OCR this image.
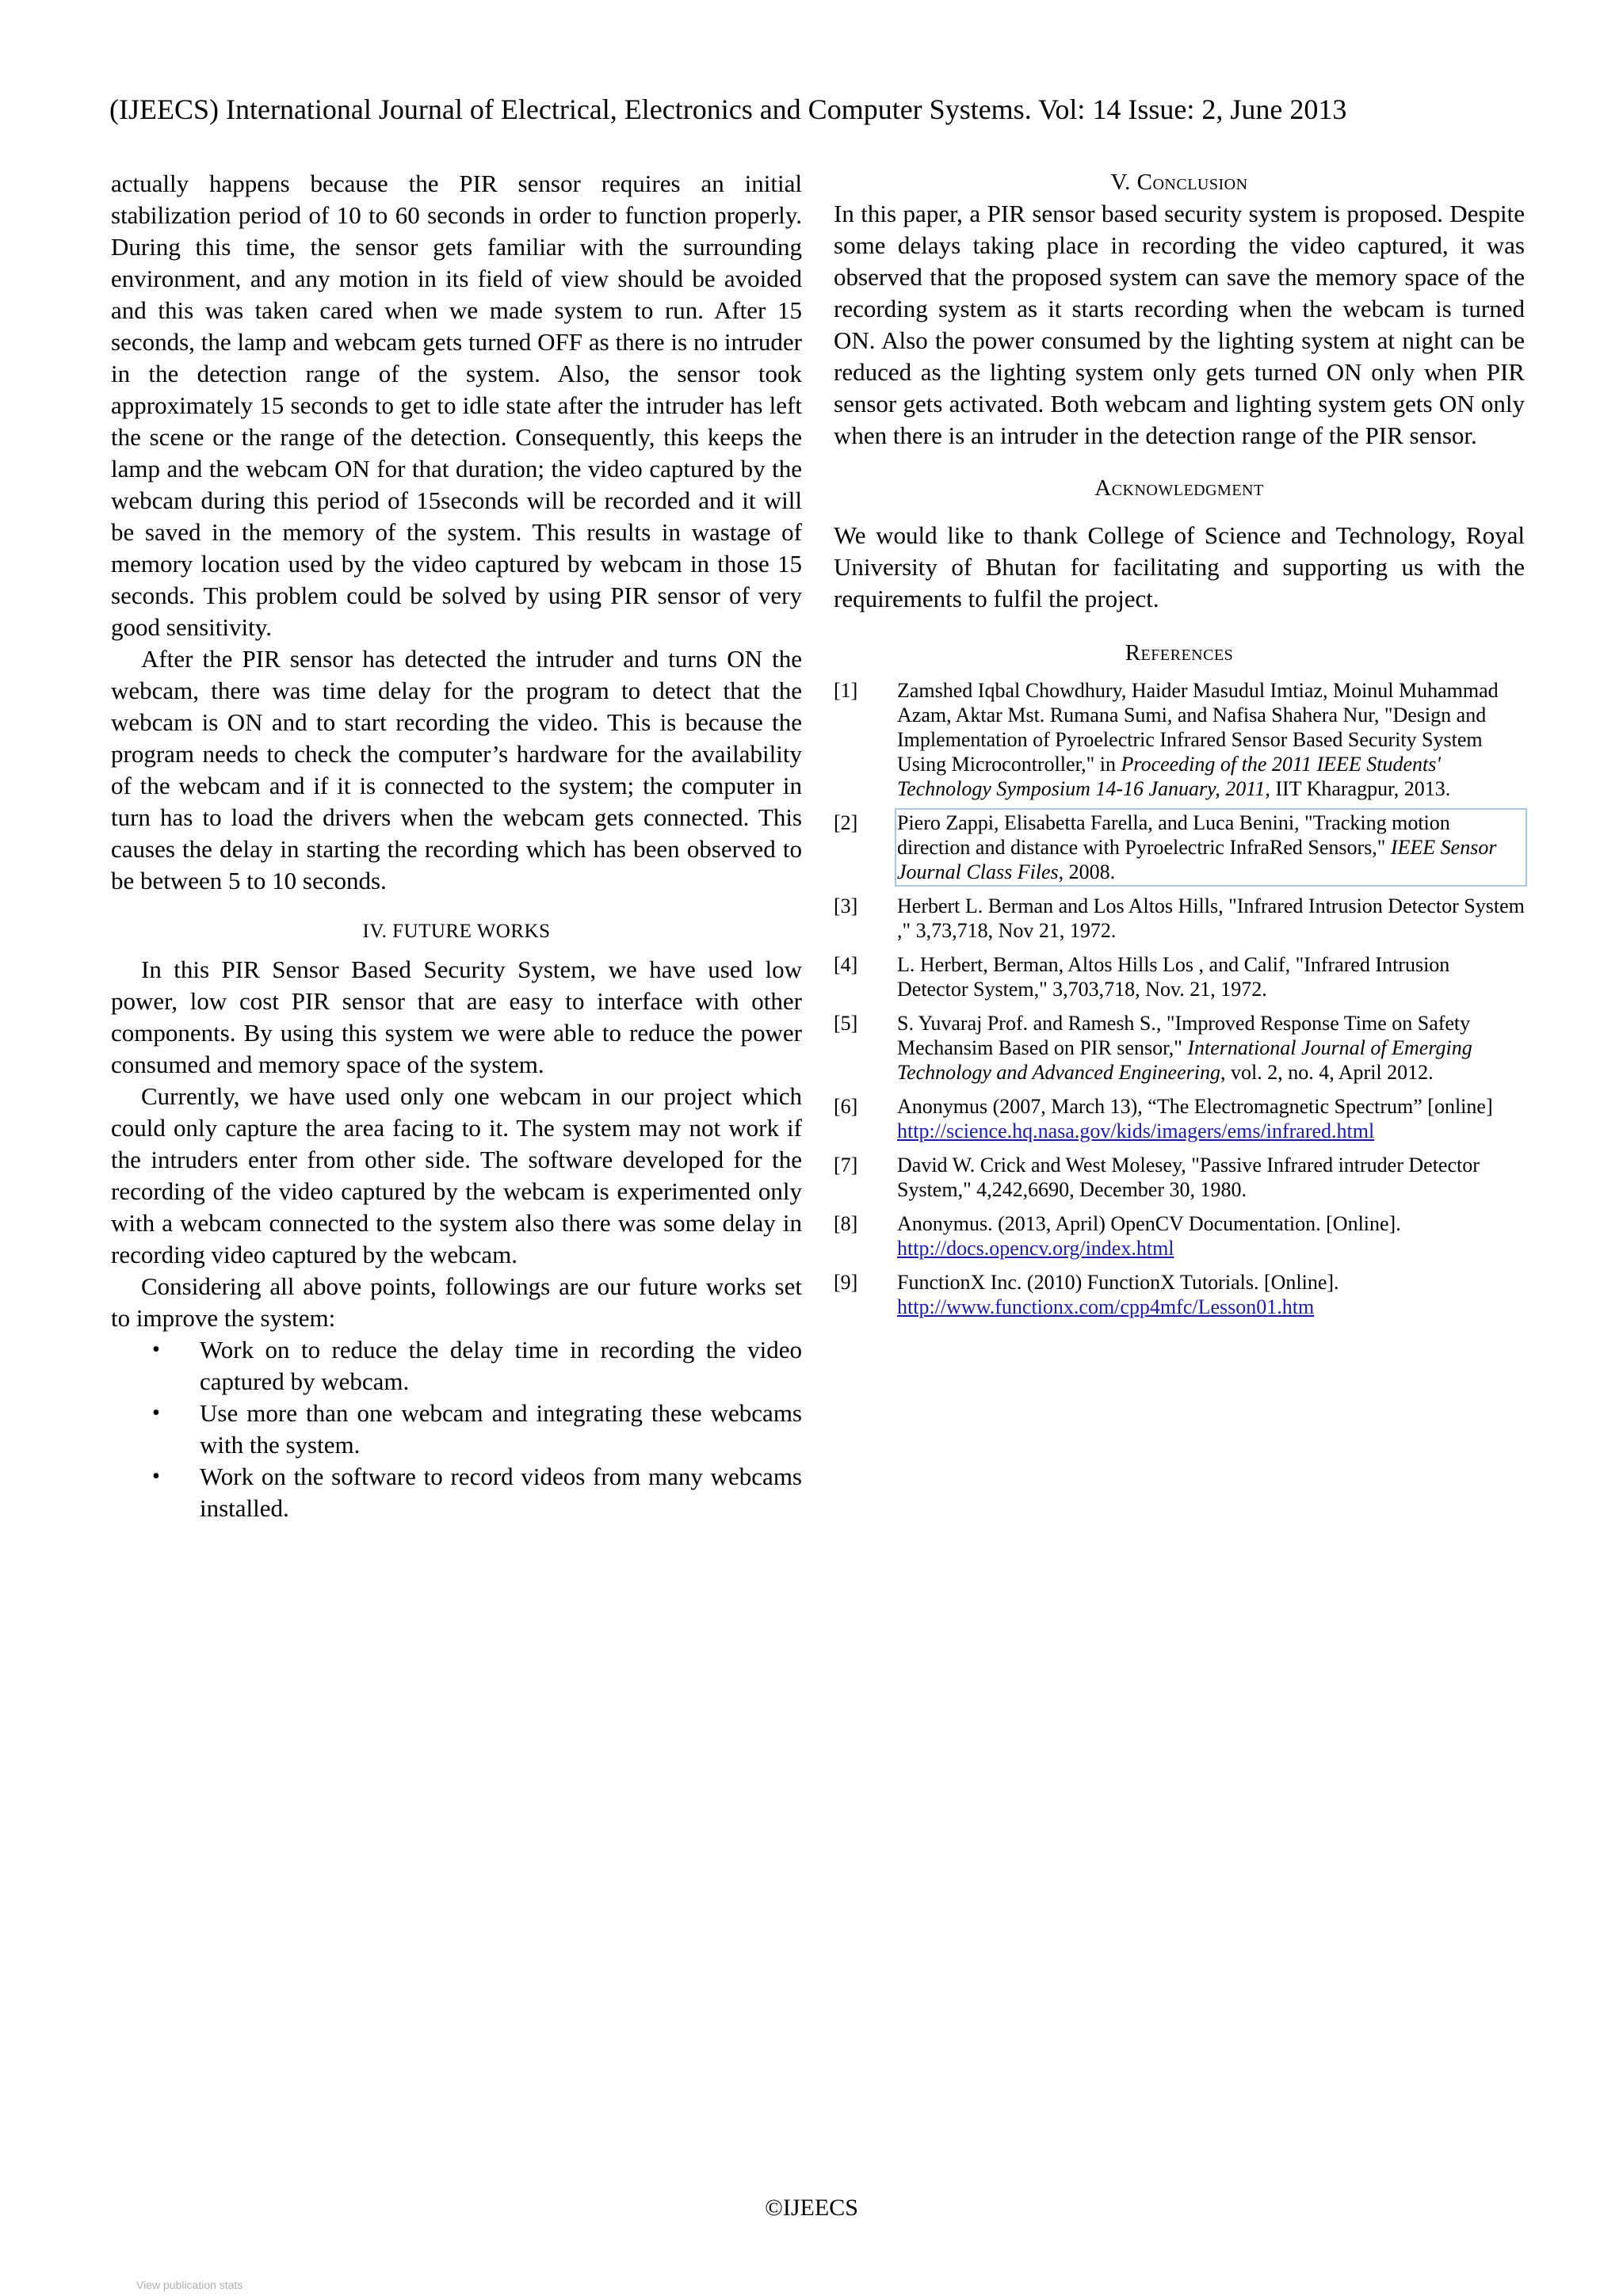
(IJEECS) International Journal of Electrical, Electronics and Computer Systems. Vol: 14 Issue: 2, June 2013

actually happens because the PIR sensor requires an initial stabilization period of 10 to 60 seconds in order to function properly. During this time, the sensor gets familiar with the surrounding environment, and any motion in its field of view should be avoided and this was taken cared when we made system to run. After 15 seconds, the lamp and webcam gets turned OFF as there is no intruder in the detection range of the system. Also, the sensor took approximately 15 seconds to get to idle state after the intruder has left the scene or the range of the detection. Consequently, this keeps the lamp and the webcam ON for that duration; the video captured by the webcam during this period of 15seconds will be recorded and it will be saved in the memory of the system. This results in wastage of memory location used by the video captured by webcam in those 15 seconds. This problem could be solved by using PIR sensor of very good sensitivity.

After the PIR sensor has detected the intruder and turns ON the webcam, there was time delay for the program to detect that the webcam is ON and to start recording the video. This is because the program needs to check the computer’s hardware for the availability of the webcam and if it is connected to the system; the computer in turn has to load the drivers when the webcam gets connected. This causes the delay in starting the recording which has been observed to be between 5 to 10 seconds.

IV. FUTURE WORKS

In this PIR Sensor Based Security System, we have used low power, low cost PIR sensor that are easy to interface with other components. By using this system we were able to reduce the power consumed and memory space of the system.

Currently, we have used only one webcam in our project which could only capture the area facing to it. The system may not work if the intruders enter from other side. The software developed for the recording of the video captured by the webcam is experimented only with a webcam connected to the system also there was some delay in recording video captured by the webcam.

Considering all above points, followings are our future works set to improve the system:

• Work on to reduce the delay time in recording the video captured by webcam.
• Use more than one webcam and integrating these webcams with the system.
• Work on the software to record videos from many webcams installed.

V. Conclusion

In this paper, a PIR sensor based security system is proposed. Despite some delays taking place in recording the video captured, it was observed that the proposed system can save the memory space of the recording system as it starts recording when the webcam is turned ON. Also the power consumed by the lighting system at night can be reduced as the lighting system only gets turned ON only when PIR sensor gets activated. Both webcam and lighting system gets ON only when there is an intruder in the detection range of the PIR sensor.

Acknowledgment

We would like to thank College of Science and Technology, Royal University of Bhutan for facilitating and supporting us with the requirements to fulfil the project.

References

[1] Zamshed Iqbal Chowdhury, Haider Masudul Imtiaz, Moinul Muhammad Azam, Aktar Mst. Rumana Sumi, and Nafisa Shahera Nur, "Design and Implementation of Pyroelectric Infrared Sensor Based Security System Using Microcontroller," in Proceeding of the 2011 IEEE Students' Technology Symposium 14-16 January, 2011, IIT Kharagpur, 2013.
[2] Piero Zappi, Elisabetta Farella, and Luca Benini, "Tracking motion direction and distance with Pyroelectric InfraRed Sensors," IEEE Sensor Journal Class Files, 2008.
[3] Herbert L. Berman and Los Altos Hills, "Infrared Intrusion Detector System ," 3,73,718, Nov 21, 1972.
[4] L. Herbert, Berman, Altos Hills Los , and Calif, "Infrared Intrusion Detector System," 3,703,718, Nov. 21, 1972.
[5] S. Yuvaraj Prof. and Ramesh S., "Improved Response Time on Safety Mechansim Based on PIR sensor," International Journal of Emerging Technology and Advanced Engineering, vol. 2, no. 4, April 2012.
[6] Anonymus (2007, March 13), “The Electromagnetic Spectrum” [online]
http://science.hq.nasa.gov/kids/imagers/ems/infrared.html
[7] David W. Crick and West Molesey, "Passive Infrared intruder Detector System," 4,242,6690, December 30, 1980.
[8] Anonymus. (2013, April) OpenCV Documentation. [Online].
http://docs.opencv.org/index.html
[9] FunctionX Inc. (2010) FunctionX Tutorials. [Online].
http://www.functionx.com/cpp4mfc/Lesson01.htm
©IJEECS
View publication stats
